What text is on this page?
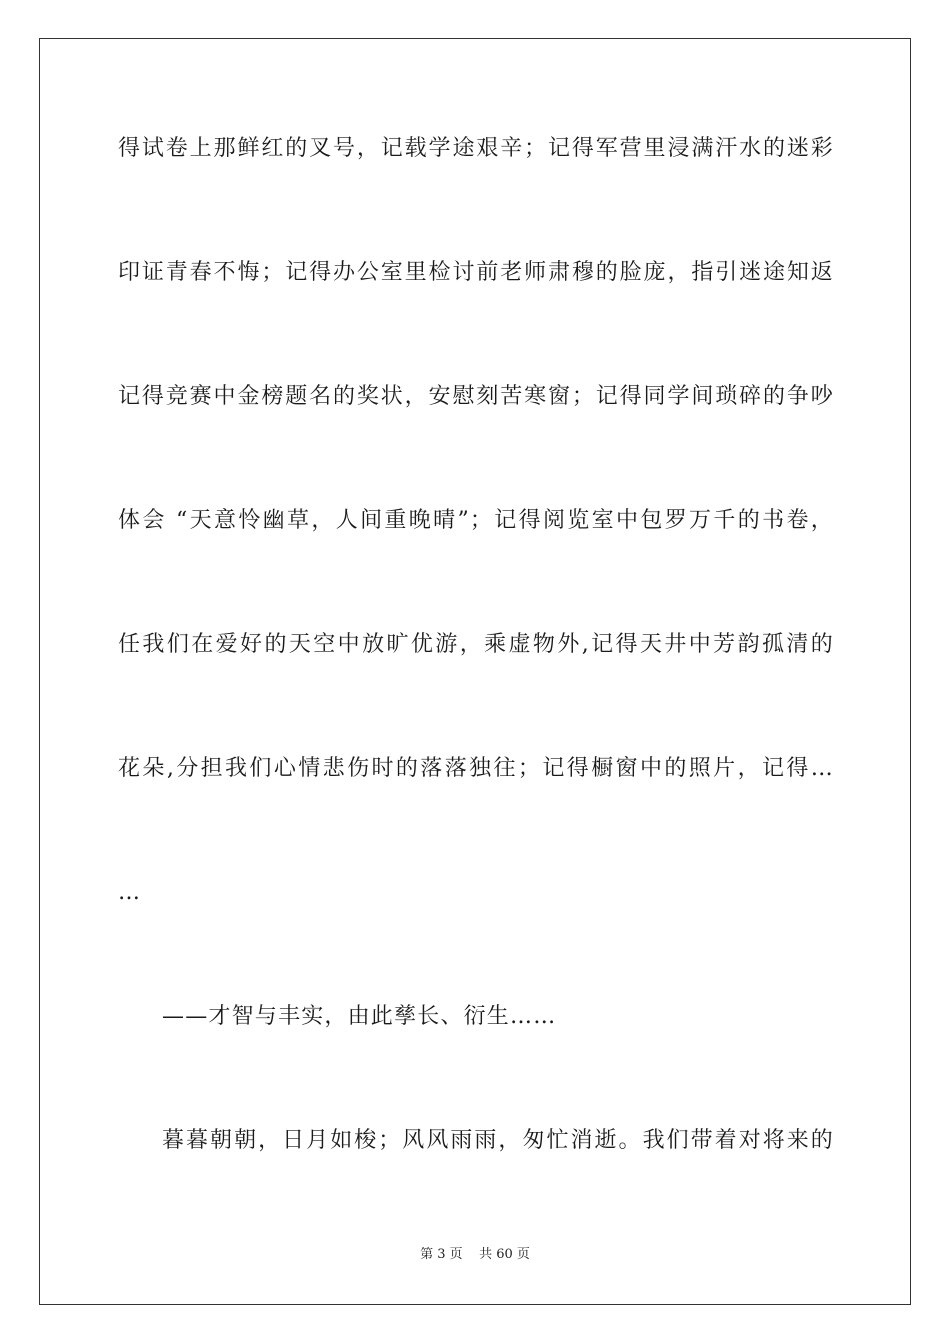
得试卷上那鲜红的叉号，记载学途艰辛；记得军营里浸满汗水的迷彩
印证青春不悔；记得办公室里检讨前老师肃穆的脸庞，指引迷途知返
记得竞赛中金榜题名的奖状，安慰刻苦寒窗；记得同学间琐碎的争吵
体会 “天意怜幽草，人间重晚晴”；记得阅览室中包罗万千的书卷，
任我们在爱好的天空中放旷优游，乘虚物外,记得天井中芳韵孤清的
花朵,分担我们心情悲伤时的落落独往；记得橱窗中的照片，记得…
…
——才智与丰实，由此孳长、衍生……
暮暮朝朝，日月如梭；风风雨雨，匆忙消逝。我们带着对将来的
第 3 页    共 60 页
